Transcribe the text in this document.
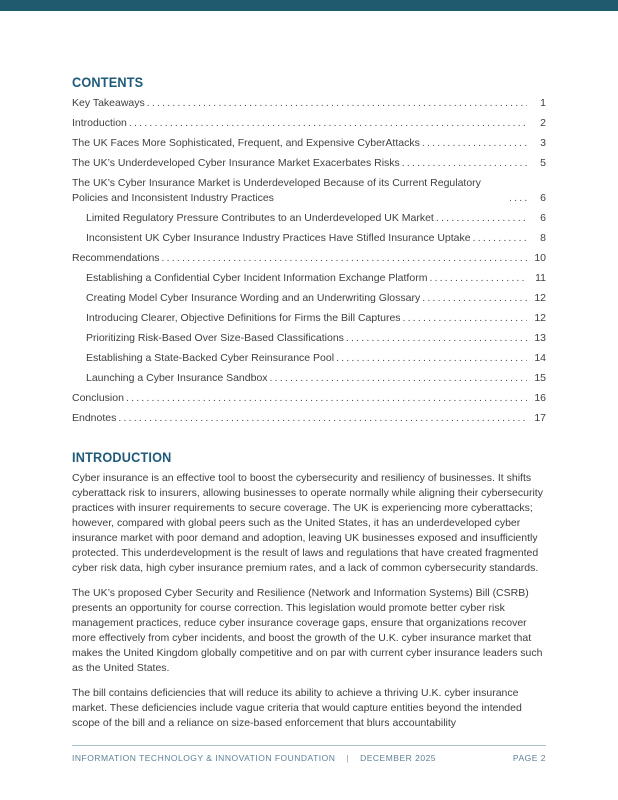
CONTENTS
Key Takeaways .....	1
Introduction .....	2
The UK Faces More Sophisticated, Frequent, and Expensive CyberAttacks .....	3
The UK’s Underdeveloped Cyber Insurance Market Exacerbates Risks .....	5
The UK’s Cyber Insurance Market is Underdeveloped Because of its Current Regulatory Policies and Inconsistent Industry Practices .....	6
Limited Regulatory Pressure Contributes to an Underdeveloped UK Market .....	6
Inconsistent UK Cyber Insurance Industry Practices Have Stifled Insurance Uptake .....	8
Recommendations .....	10
Establishing a Confidential Cyber Incident Information Exchange Platform .....	11
Creating Model Cyber Insurance Wording and an Underwriting Glossary .....	12
Introducing Clearer, Objective Definitions for Firms the Bill Captures .....	12
Prioritizing Risk-Based Over Size-Based Classifications .....	13
Establishing a State-Backed Cyber Reinsurance Pool .....	14
Launching a Cyber Insurance Sandbox .....	15
Conclusion .....	16
Endnotes .....	17
INTRODUCTION

Cyber insurance is an effective tool to boost the cybersecurity and resiliency of businesses. It shifts cyberattack risk to insurers, allowing businesses to operate normally while aligning their cybersecurity practices with insurer requirements to secure coverage. The UK is experiencing more cyberattacks; however, compared with global peers such as the United States, it has an underdeveloped cyber insurance market with poor demand and adoption, leaving UK businesses exposed and insufficiently protected. This underdevelopment is the result of laws and regulations that have created fragmented cyber risk data, high cyber insurance premium rates, and a lack of common cybersecurity standards.

The UK’s proposed Cyber Security and Resilience (Network and Information Systems) Bill (CSRB) presents an opportunity for course correction. This legislation would promote better cyber risk management practices, reduce cyber insurance coverage gaps, ensure that organizations recover more effectively from cyber incidents, and boost the growth of the U.K. cyber insurance market that makes the United Kingdom globally competitive and on par with current cyber insurance leaders such as the United States.

The bill contains deficiencies that will reduce its ability to achieve a thriving U.K. cyber insurance market. These deficiencies include vague criteria that would capture entities beyond the intended scope of the bill and a reliance on size-based enforcement that blurs accountability

INFORMATION TECHNOLOGY & INNOVATION FOUNDATION | DECEMBER 2025	PAGE 2
